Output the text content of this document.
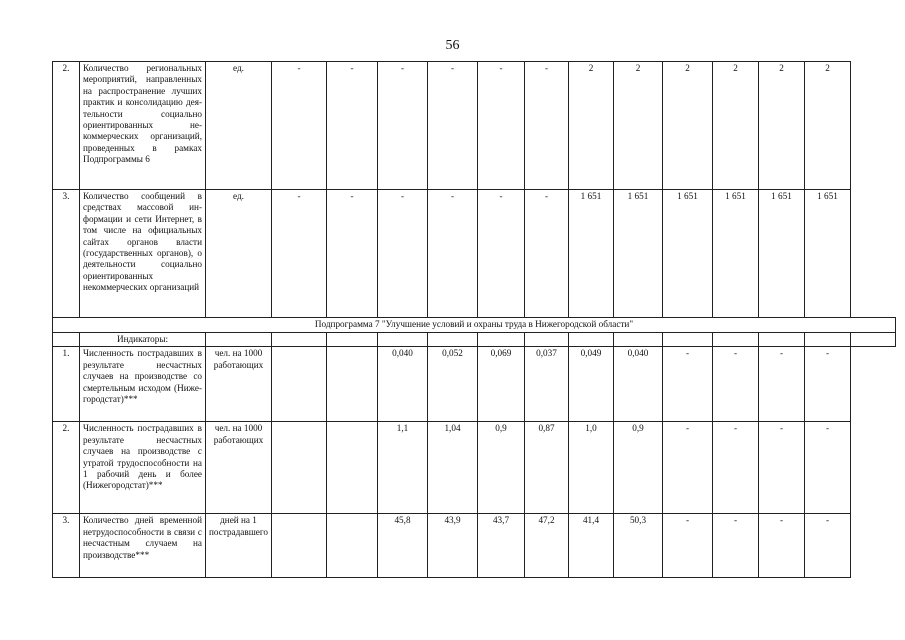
56
2.	Количество региональных мероприятий, направленных на распространение лучших практик и консолидацию деятельности социально ориентированных некоммерческих организаций, проведенных в рамках Подпрограммы 6	ед.	-	-	-	-	-	-	2	2	2	2	2	2	
3.	Количество сообщений в средствах массовой информации и сети Интернет, в том числе на официальных сайтах органов власти (государственных органов), о деятельности социально ориентированных некоммерческих организаций	ед.	-	-	-	-	-	-	1 651	1 651	1 651	1 651	1 651	1 651	
Подпрограмма 7 "Улучшение условий и охраны труда в Нижегородской области"															
	Индикаторы:														
1.	Численность пострадавших в результате несчастных случаев на производстве со смертельным исходом (Нижегородстат)***	чел. на 1000 работающих			0,040	0,052	0,069	0,037	0,049	0,040	-	-	-	-	
2.	Численность пострадавших в результате несчастных случаев на производстве с утратой трудоспособности на 1 рабочий день и более (Нижегородстат)***	чел. на 1000 работающих			1,1	1,04	0,9	0,87	1,0	0,9	-	-	-	-	
3.	Количество дней временной нетрудоспособности в связи с несчастным случаем на производстве***	дней на 1 пострадавшего			45,8	43,9	43,7	47,2	41,4	50,3	-	-	-	-	
